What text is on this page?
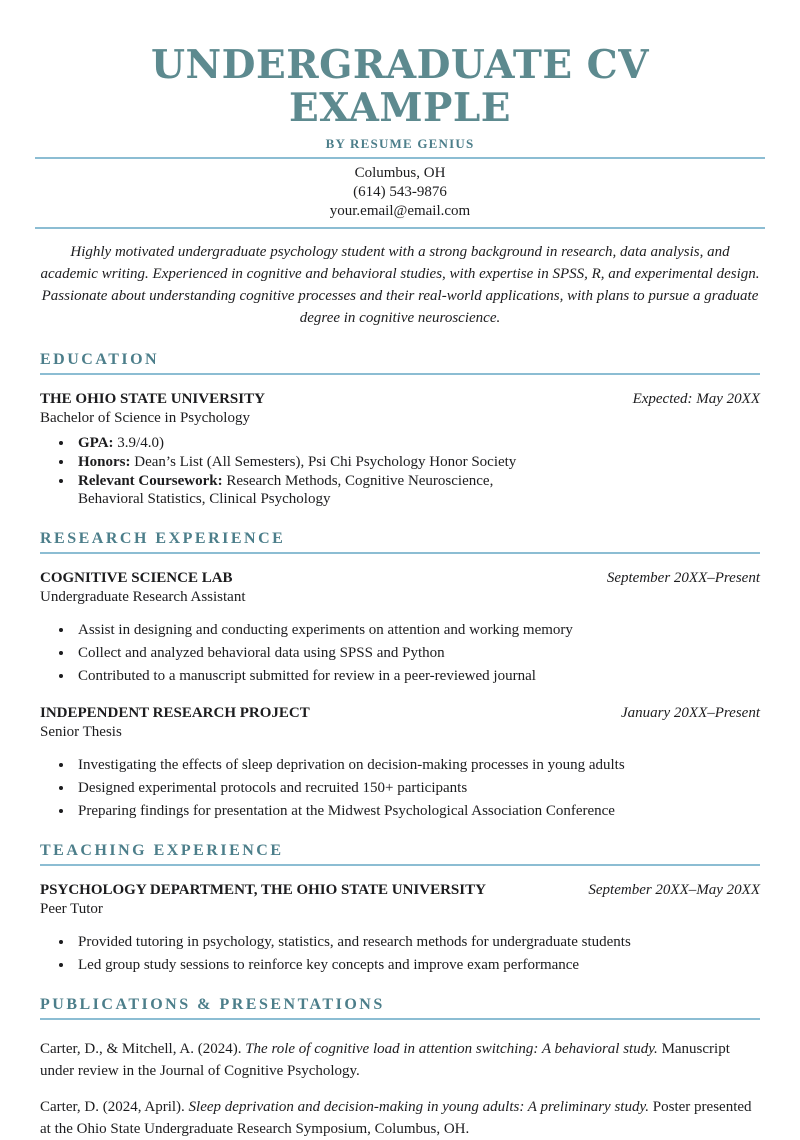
UNDERGRADUATE CV EXAMPLE
BY RESUME GENIUS
Columbus, OH
(614) 543-9876
your.email@email.com

Highly motivated undergraduate psychology student with a strong background in research, data analysis, and academic writing. Experienced in cognitive and behavioral studies, with expertise in SPSS, R, and experimental design. Passionate about understanding cognitive processes and their real-world applications, with plans to pursue a graduate degree in cognitive neuroscience.

EDUCATION
THE OHIO STATE UNIVERSITY	Expected: May 20XX
Bachelor of Science in Psychology
• GPA: 3.9/4.0)
• Honors: Dean’s List (All Semesters), Psi Chi Psychology Honor Society
• Relevant Coursework: Research Methods, Cognitive Neuroscience, Behavioral Statistics, Clinical Psychology
RESEARCH EXPERIENCE
COGNITIVE SCIENCE LAB	September 20XX–Present
Undergraduate Research Assistant
• Assist in designing and conducting experiments on attention and working memory
• Collect and analyzed behavioral data using SPSS and Python
• Contributed to a manuscript submitted for review in a peer-reviewed journal
INDEPENDENT RESEARCH PROJECT	January 20XX–Present
Senior Thesis
• Investigating the effects of sleep deprivation on decision-making processes in young adults
• Designed experimental protocols and recruited 150+ participants
• Preparing findings for presentation at the Midwest Psychological Association Conference
TEACHING EXPERIENCE
PSYCHOLOGY DEPARTMENT, THE OHIO STATE UNIVERSITY	September 20XX–May 20XX
Peer Tutor
• Provided tutoring in psychology, statistics, and research methods for undergraduate students
• Led group study sessions to reinforce key concepts and improve exam performance
PUBLICATIONS & PRESENTATIONS

Carter, D., & Mitchell, A. (2024). The role of cognitive load in attention switching: A behavioral study. Manuscript under review in the Journal of Cognitive Psychology.

Carter, D. (2024, April). Sleep deprivation and decision-making in young adults: A preliminary study. Poster presented at the Ohio State Undergraduate Research Symposium, Columbus, OH.
